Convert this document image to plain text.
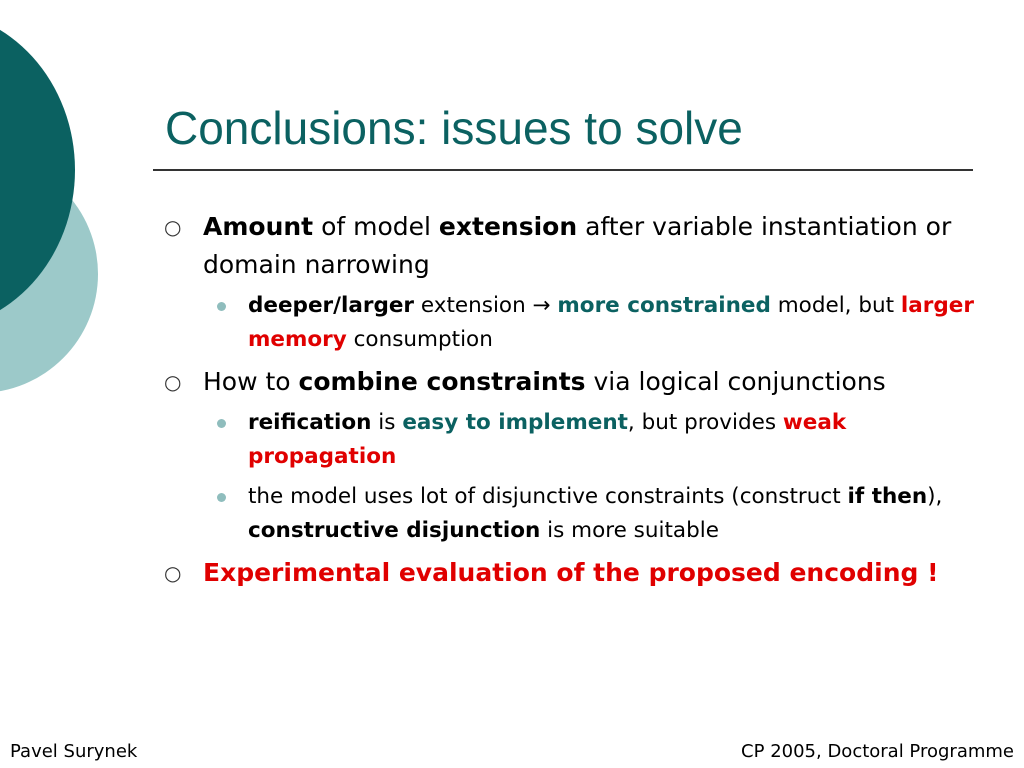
Conclusions: issues to solve
○ Amount of model extension after variable instantiation or domain narrowing
deeper/larger extension → more constrained model, but larger memory consumption
○ How to combine constraints via logical conjunctions
reification is easy to implement, but provides weak propagation
the model uses lot of disjunctive constraints (construct if then), constructive disjunction is more suitable
○ Experimental evaluation of the proposed encoding !
Pavel Surynek	CP 2005, Doctoral Programme
